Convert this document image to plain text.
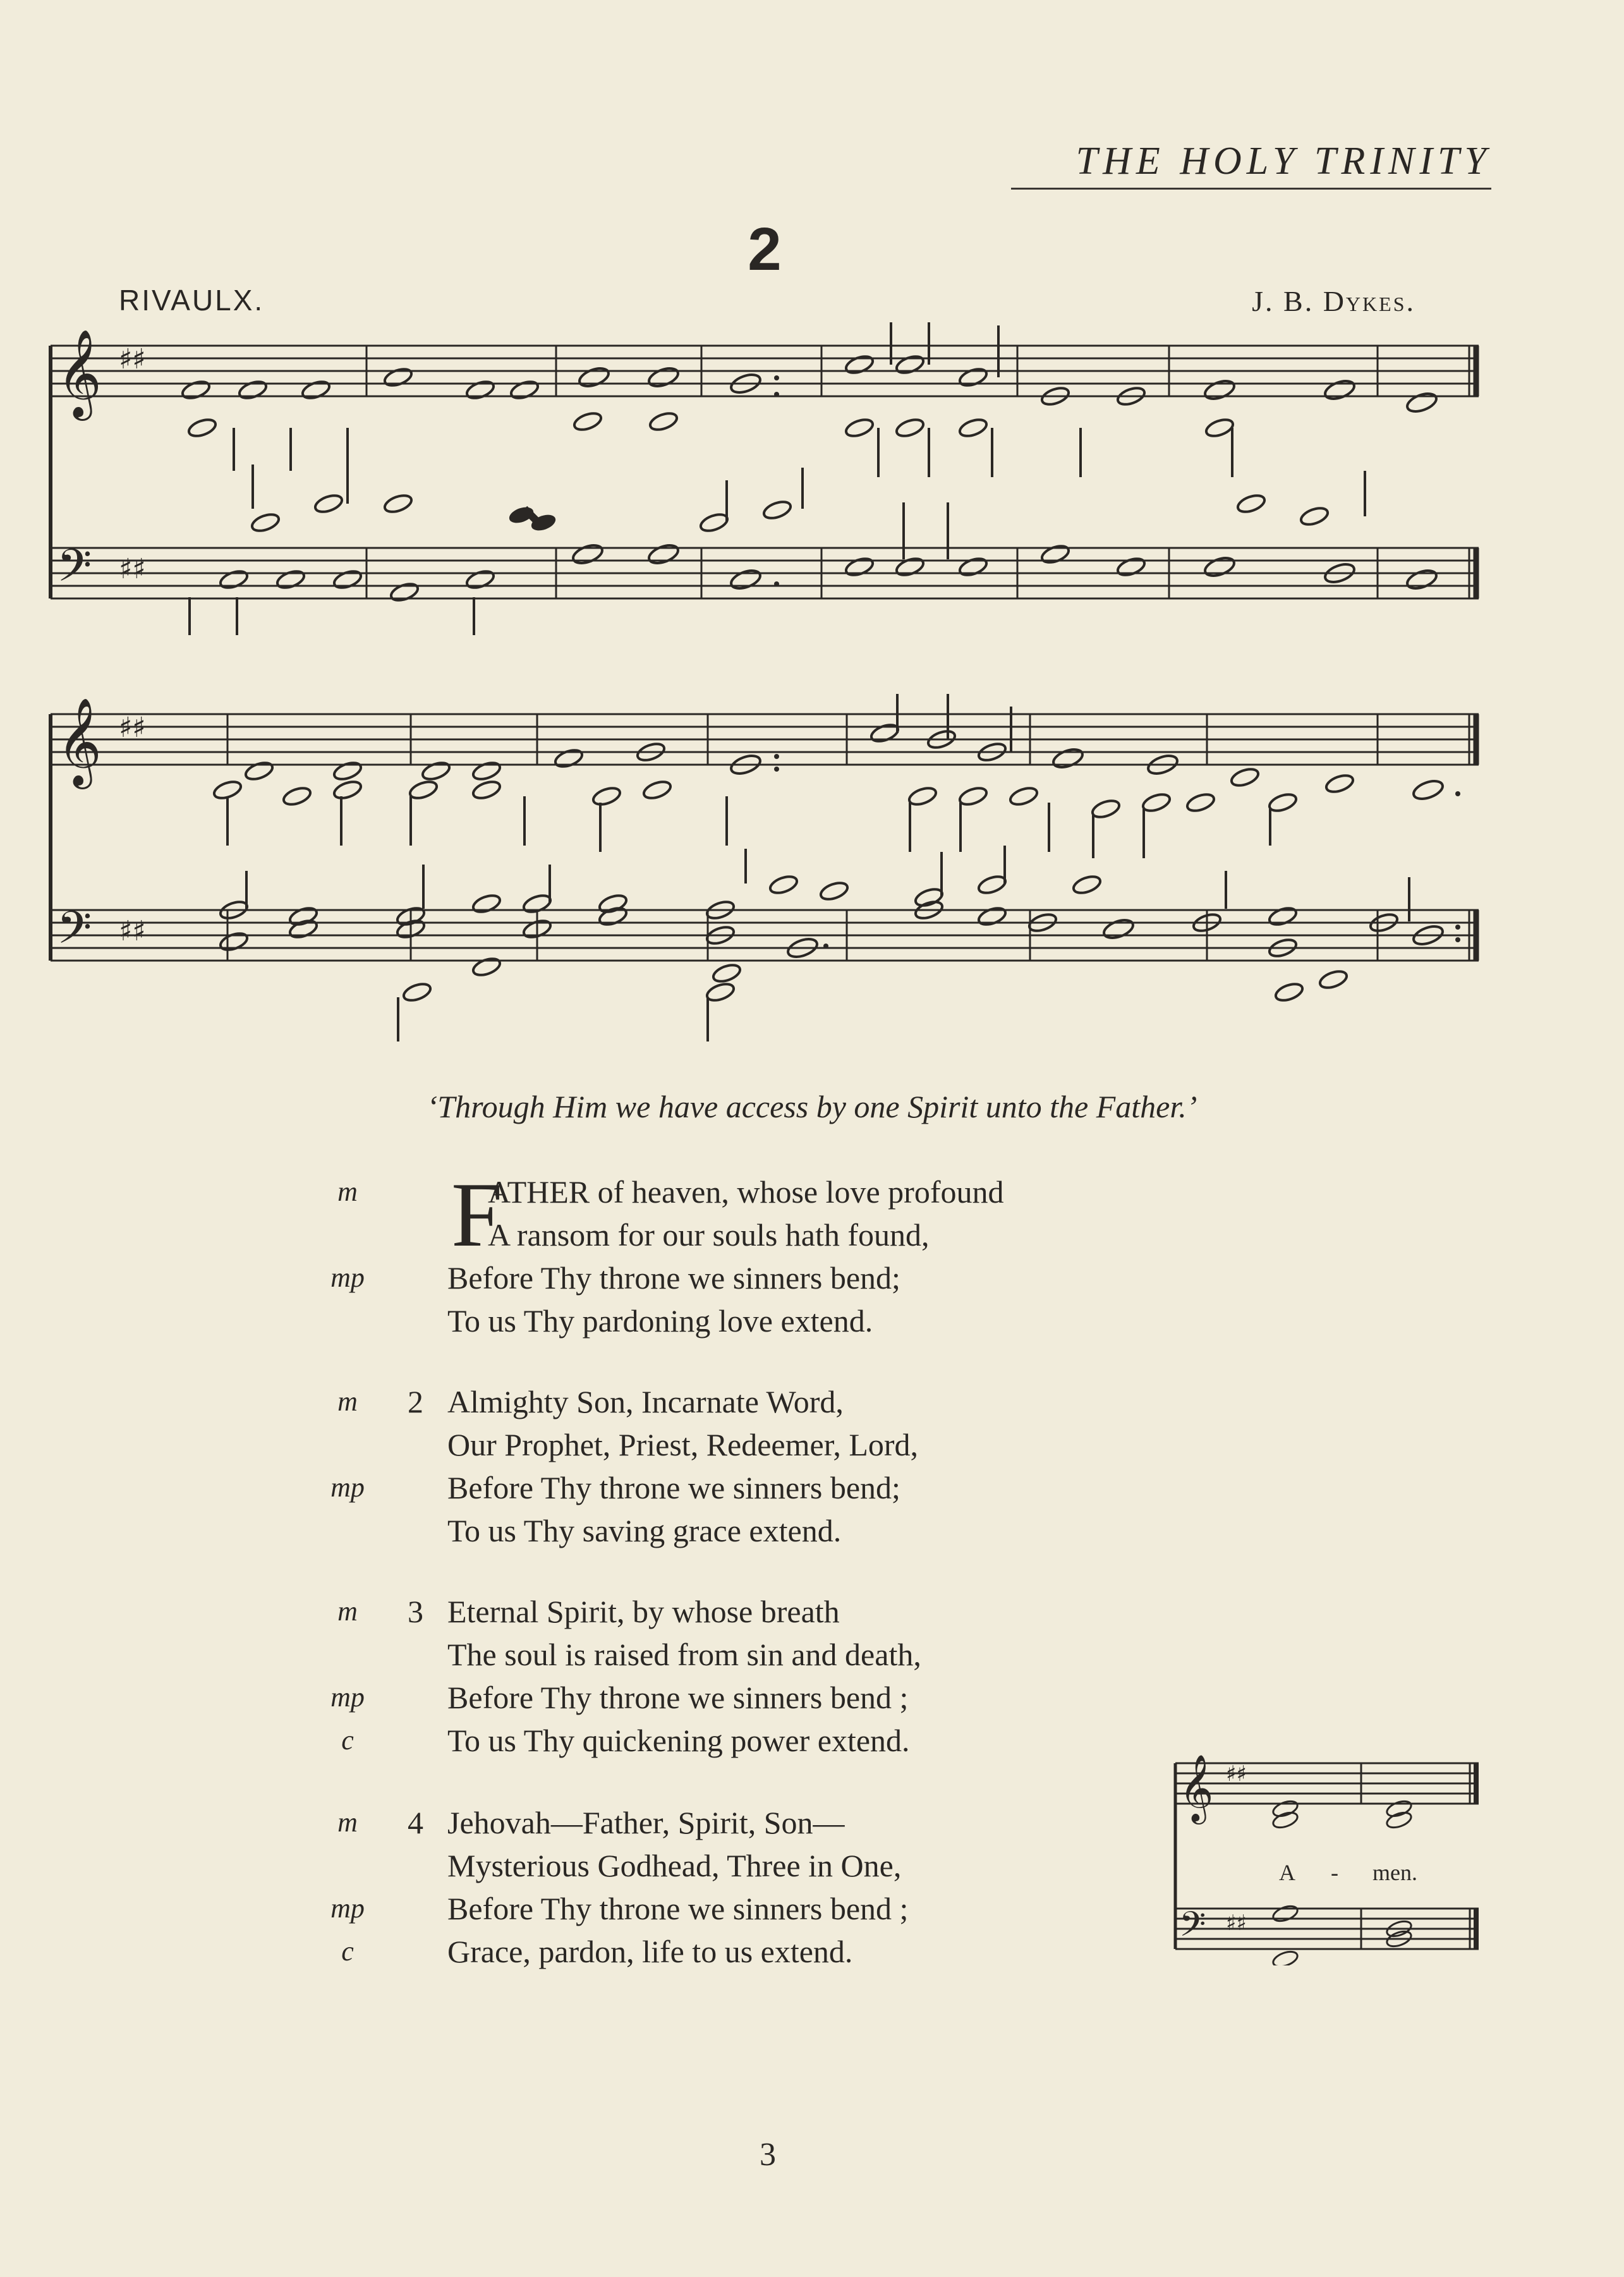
THE HOLY TRINITY
2
RIVAULX.	J. B. Dykes.
𝄞
𝄢
♯♯
♯♯
𝄞
𝄢
♯♯
♯♯
‘Through Him we have access by one Spirit unto the Father.’
m F
ATHER of heaven, whose love profound
A ransom for our souls hath found,
mp	Before Thy throne we sinners bend;
To us Thy pardoning love extend.
m	2 Almighty Son, Incarnate Word,
Our Prophet, Priest, Redeemer, Lord,
mp	Before Thy throne we sinners bend;
To us Thy saving grace extend.
m	3 Eternal Spirit, by whose breath
The soul is raised from sin and death,
mp	Before Thy throne we sinners bend ;
c	To us Thy quickening power extend.
m	4 Jehovah—Father, Spirit, Son—
Mysterious Godhead, Three in One,
mp	Before Thy throne we sinners bend ;
c	Grace, pardon, life to us extend.
𝄞
𝄢
♯♯
♯♯
A - men.
3
